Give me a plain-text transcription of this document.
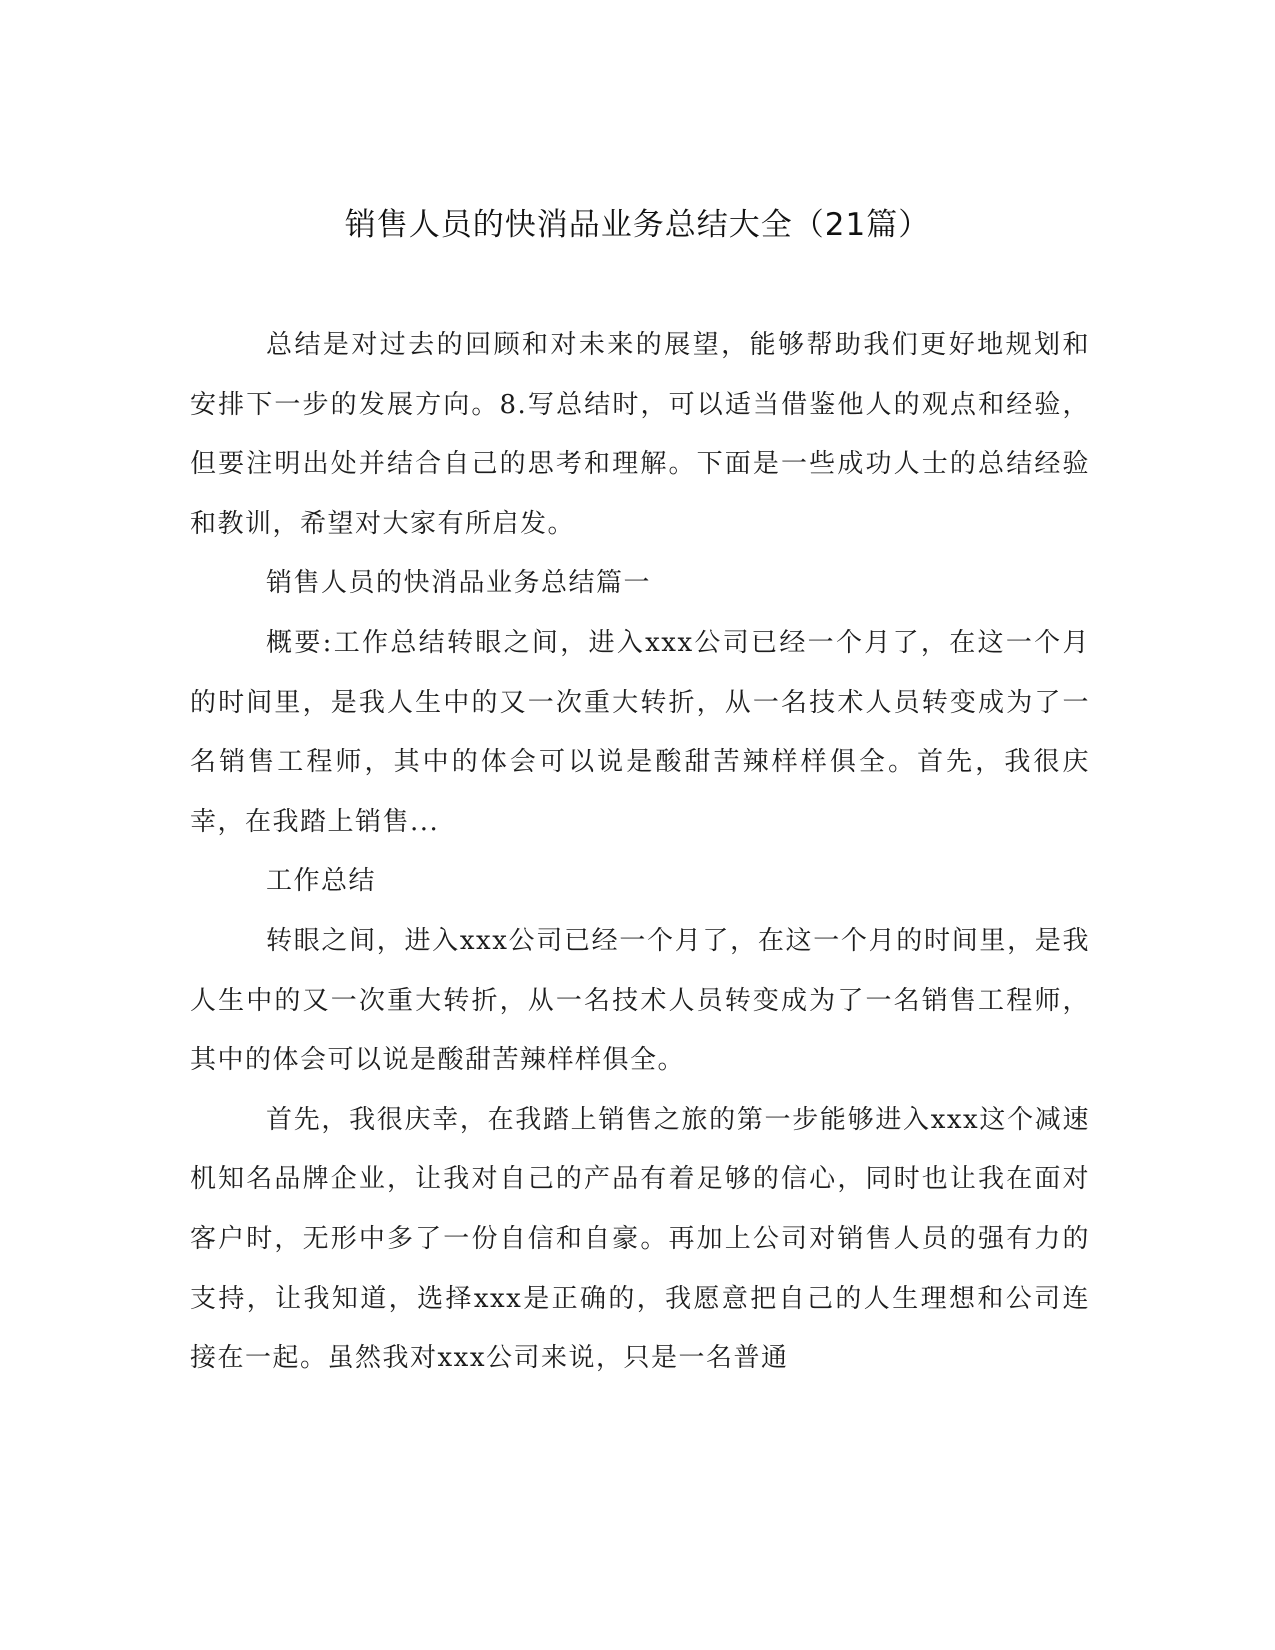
销售人员的快消品业务总结大全（21篇）

总结是对过去的回顾和对未来的展望，能够帮助我们更好地规划和安排下一步的发展方向。8.写总结时，可以适当借鉴他人的观点和经验，但要注明出处并结合自己的思考和理解。下面是一些成功人士的总结经验和教训，希望对大家有所启发。

销售人员的快消品业务总结篇一

概要:工作总结转眼之间，进入xxx公司已经一个月了，在这一个月的时间里，是我人生中的又一次重大转折，从一名技术人员转变成为了一名销售工程师，其中的体会可以说是酸甜苦辣样样俱全。首先，我很庆幸，在我踏上销售...

工作总结

转眼之间，进入xxx公司已经一个月了，在这一个月的时间里，是我人生中的又一次重大转折，从一名技术人员转变成为了一名销售工程师，其中的体会可以说是酸甜苦辣样样俱全。

首先，我很庆幸，在我踏上销售之旅的第一步能够进入xxx这个减速机知名品牌企业，让我对自己的产品有着足够的信心，同时也让我在面对客户时，无形中多了一份自信和自豪。再加上公司对销售人员的强有力的支持，让我知道，选择xxx是正确的，我愿意把自己的人生理想和公司连接在一起。虽然我对xxx公司来说，只是一名普通
